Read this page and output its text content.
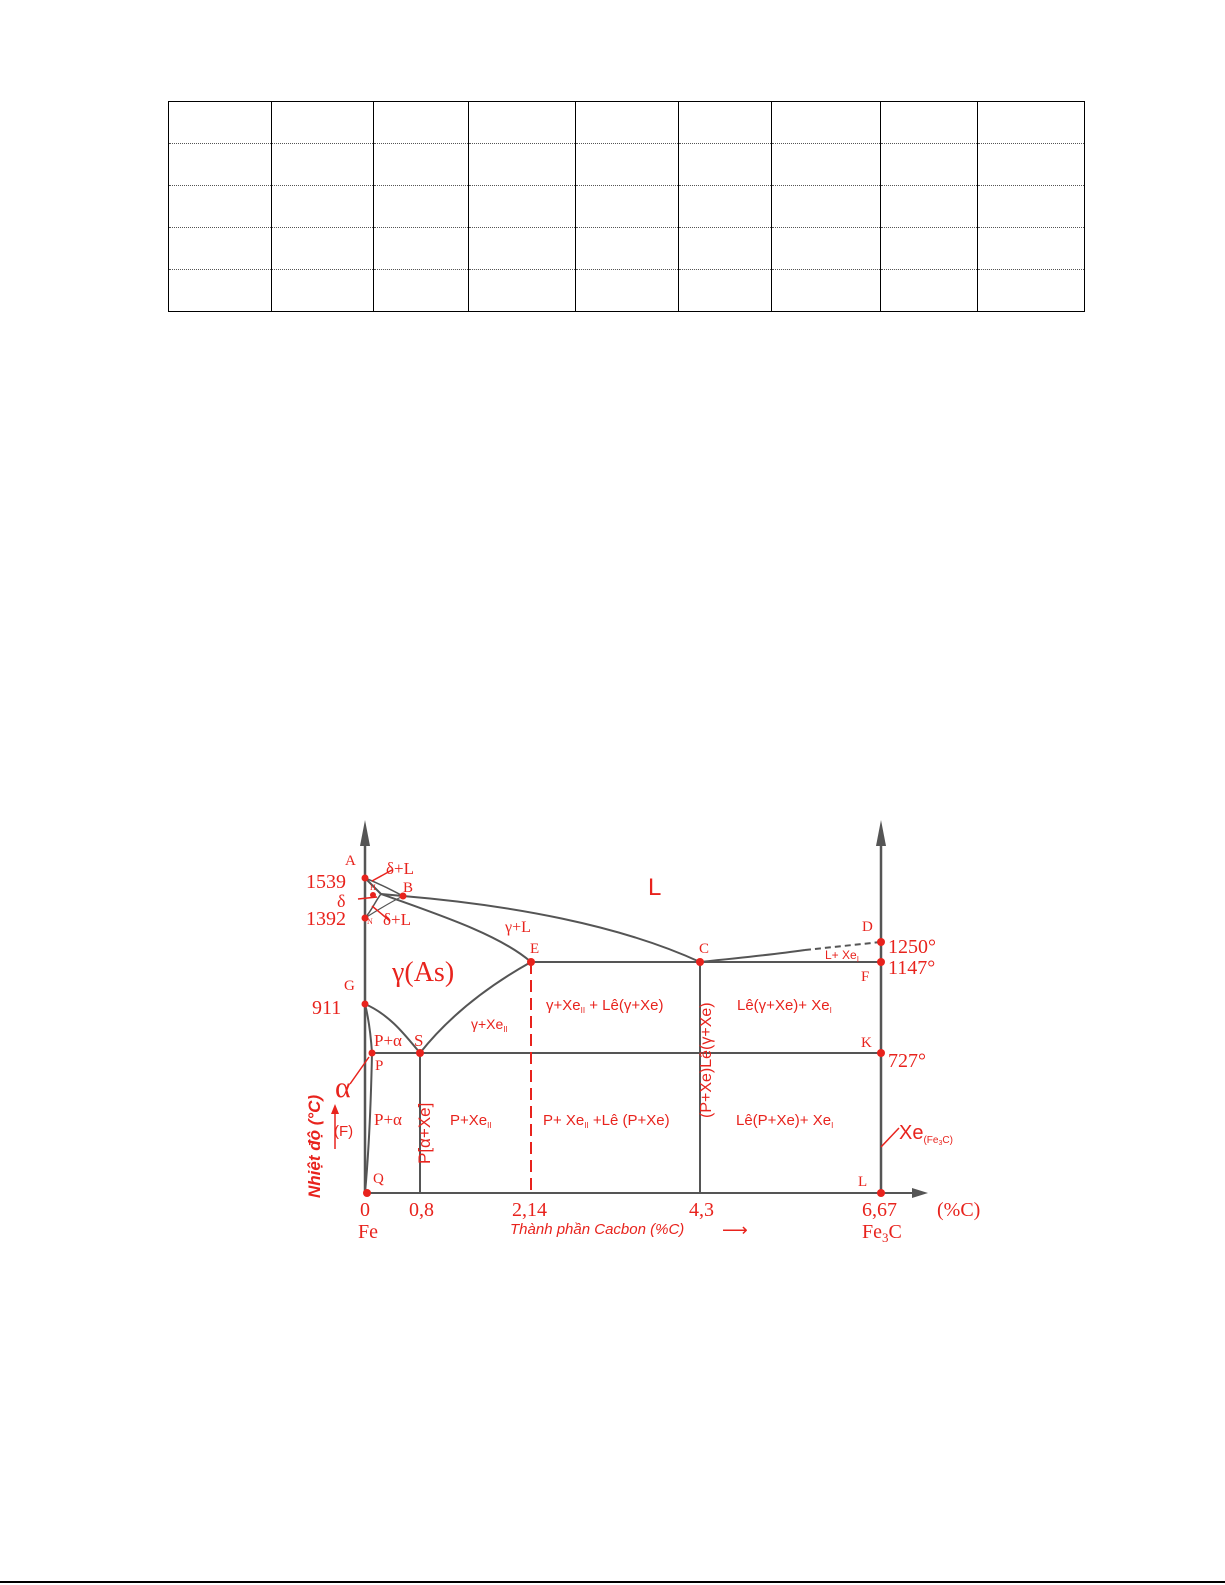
A
B
H
N
C
D
E
F
G
K
L
P
Q
S
1539
1392
911
1250°
1147°
727°
0 0,8	2,14	4,3	6,67 (%C)
Fe	$Fe_3C$
Thành phần Cacbon (%C) ⟶
Nhiệt độ (°C) (F)
α
δ
$Xe_{(Fe}3C$)
L
δ+L
δ+L	γ+L
γ(As)
$L+ Xe_I$
P+α
$\gamma+Xe_{II}$
$\gamma+Xe_{II}$ + Lê(γ+Xe)	Lê(γ+Xe)+ $Xe_I$
P+α P[α+Xe] $P+Xe_{II}$	$P+ Xe_{II}$ +Lê (P+Xe)
(P+Xe)Lê(γ+Xe)
Lê(P+Xe)+ $Xe_I$
